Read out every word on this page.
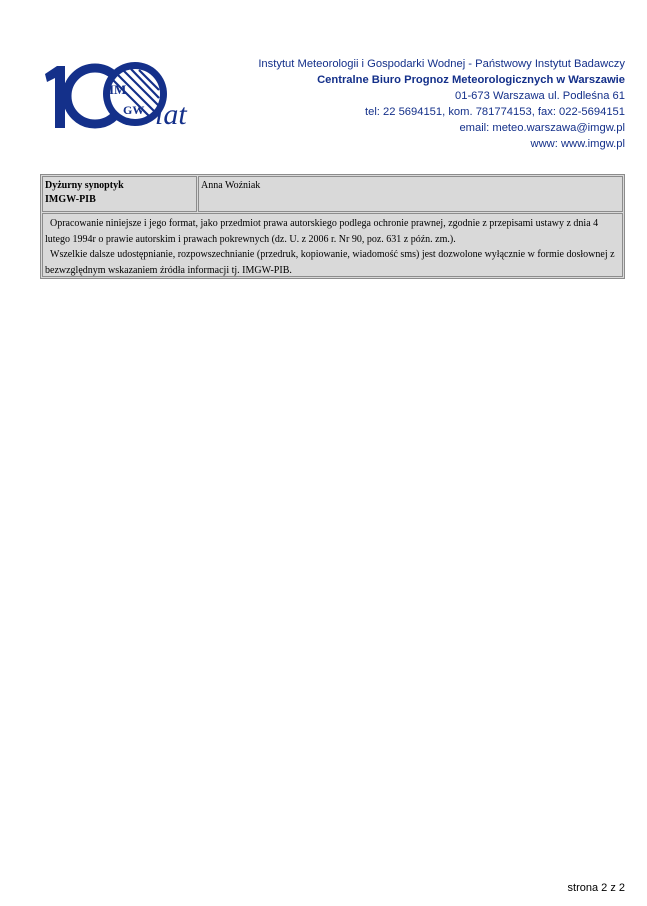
IM
GW lat
Instytut Meteorologii i Gospodarki Wodnej - Państwowy Instytut Badawczy
Centralne Biuro Prognoz Meteorologicznych w Warszawie
01-673 Warszawa ul. Podleśna 61
tel: 22 5694151, kom. 781774153, fax: 022-5694151
email: meteo.warszawa@imgw.pl
www: www.imgw.pl
Dyżurny synoptyk
IMGW-PIB
Anna Woźniak
Opracowanie niniejsze i jego format, jako przedmiot prawa autorskiego podlega ochronie prawnej, zgodnie z przepisami ustawy z dnia 4 lutego 1994r o prawie autorskim i prawach pokrewnych (dz. U. z 2006 r. Nr 90, poz. 631 z późn. zm.).
Wszelkie dalsze udostępnianie, rozpowszechnianie (przedruk, kopiowanie, wiadomość sms) jest dozwolone wyłącznie w formie dosłownej z bezwzględnym wskazaniem źródła informacji tj. IMGW-PIB.
strona 2 z 2
